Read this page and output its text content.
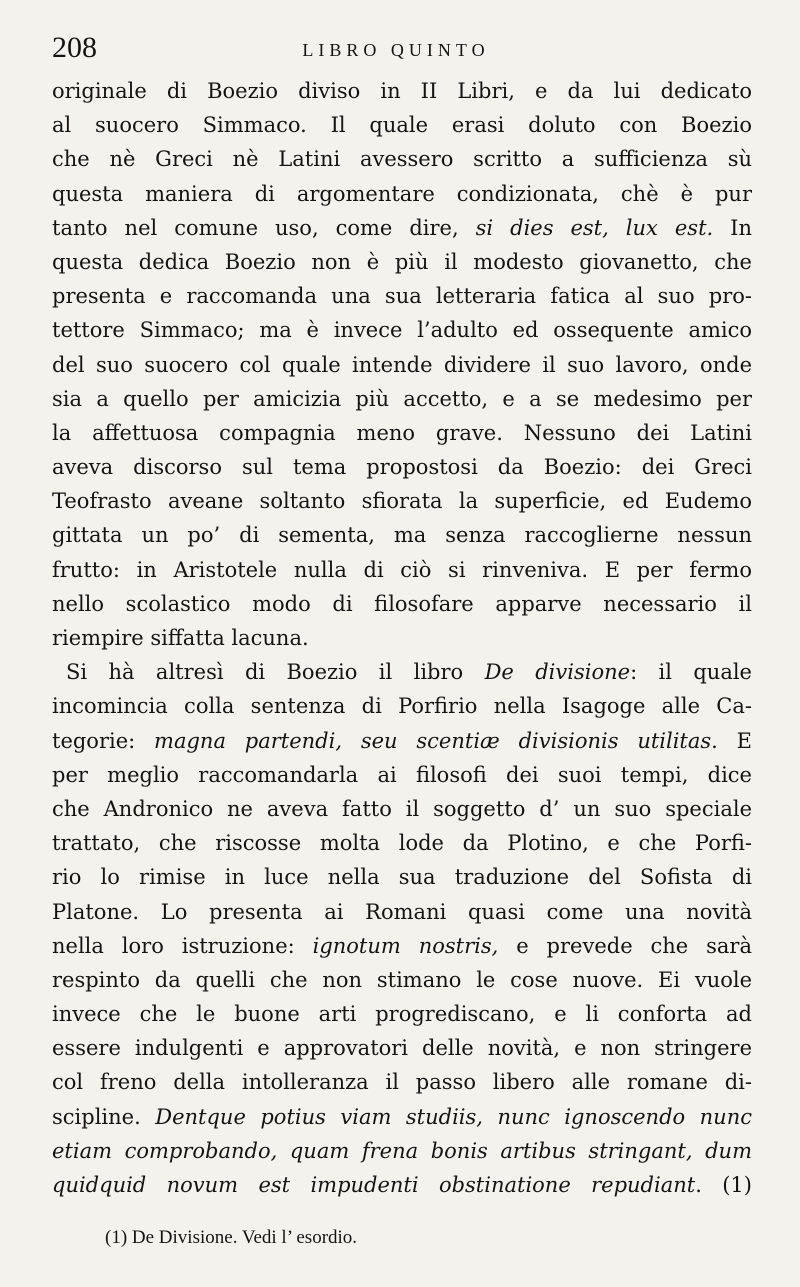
208	LIBRO QUINTO
originale di Boezio diviso in II Libri, e da lui dedicato
al suocero Simmaco. Il quale erasi doluto con Boezio
che nè Greci nè Latini avessero scritto a sufficienza sù
questa maniera di argomentare condizionata, chè è pur
tanto nel comune uso, come dire, si dies est, lux est. In
questa dedica Boezio non è più il modesto giovanetto, che
presenta e raccomanda una sua letteraria fatica al suo pro-
tettore Simmaco; ma è invece l’adulto ed ossequente amico
del suo suocero col quale intende dividere il suo lavoro, onde
sia a quello per amicizia più accetto, e a se medesimo per
la affettuosa compagnia meno grave. Nessuno dei Latini
aveva discorso sul tema propostosi da Boezio: dei Greci
Teofrasto aveane soltanto sfiorata la superficie, ed Eudemo
gittata un po’ di sementa, ma senza raccoglierne nessun
frutto: in Aristotele nulla di ciò si rinveniva. E per fermo
nello scolastico modo di filosofare apparve necessario il
riempire siffatta lacuna.
Si hà altresì di Boezio il libro De divisione: il quale
incomincia colla sentenza di Porfirio nella Isagoge alle Ca-
tegorie: magna partendi, seu scentiæ divisionis utilitas. E
per meglio raccomandarla ai filosofi dei suoi tempi, dice
che Andronico ne aveva fatto il soggetto d’ un suo speciale
trattato, che riscosse molta lode da Plotino, e che Porfi-
rio lo rimise in luce nella sua traduzione del Sofista di
Platone. Lo presenta ai Romani quasi come una novità
nella loro istruzione: ignotum nostris, e prevede che sarà
respinto da quelli che non stimano le cose nuove. Ei vuole
invece che le buone arti progrediscano, e li conforta ad
essere indulgenti e approvatori delle novità, e non stringere
col freno della intolleranza il passo libero alle romane di-
scipline. Dentque potius viam studiis, nunc ignoscendo nunc
etiam comprobando, quam frena bonis artibus stringant, dum
quidquid novum est impudenti obstinatione repudiant. (1)
(1) De Divisione. Vedi l’ esordio.
